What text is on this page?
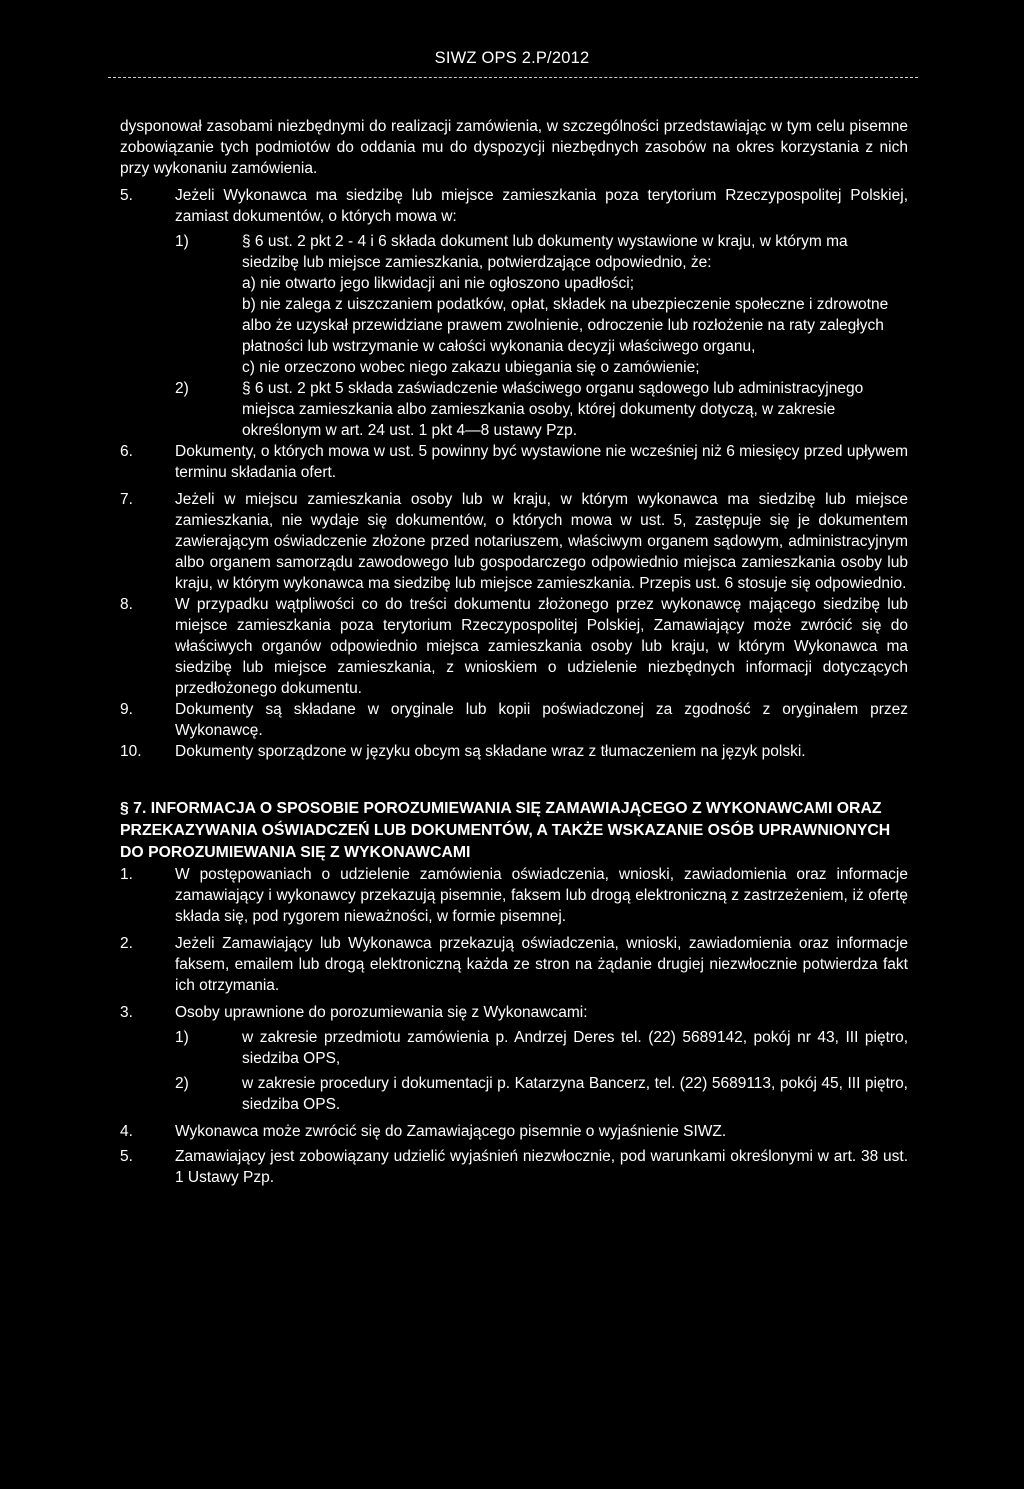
SIWZ OPS 2.P/2012

dysponował zasobami niezbędnymi do realizacji zamówienia, w szczególności przedstawiając w tym celu pisemne zobowiązanie tych podmiotów do oddania mu do dyspozycji niezbędnych zasobów na okres korzystania z nich przy wykonaniu zamówienia.

5.	Jeżeli Wykonawca ma siedzibę lub miejsce zamieszkania poza terytorium Rzeczypospolitej Polskiej, zamiast dokumentów, o których mowa w:
1)	§ 6 ust. 2 pkt 2 - 4 i 6 składa dokument lub dokumenty wystawione w kraju, w którym ma siedzibę lub miejsce zamieszkania, potwierdzające odpowiednio, że:

a) nie otwarto jego likwidacji ani nie ogłoszono upadłości;

b) nie zalega z uiszczaniem podatków, opłat, składek na ubezpieczenie społeczne i zdrowotne albo że uzyskał przewidziane prawem zwolnienie, odroczenie lub rozłożenie na raty zaległych płatności lub wstrzymanie w całości wykonania decyzji właściwego organu,

c) nie orzeczono wobec niego zakazu ubiegania się o zamówienie;

2)	§ 6 ust. 2 pkt 5 składa zaświadczenie właściwego organu sądowego lub administracyjnego miejsca zamieszkania albo zamieszkania osoby, której dokumenty dotyczą, w zakresie określonym w art. 24 ust. 1 pkt 4—8 ustawy Pzp.

6.	Dokumenty, o których mowa w ust. 5 powinny być wystawione nie wcześniej niż 6 miesięcy przed upływem terminu składania ofert.
7.	Jeżeli w miejscu zamieszkania osoby lub w kraju, w którym wykonawca ma siedzibę lub miejsce zamieszkania, nie wydaje się dokumentów, o których mowa w ust. 5, zastępuje się je dokumentem zawierającym oświadczenie złożone przed notariuszem, właściwym organem sądowym, administracyjnym albo organem samorządu zawodowego lub gospodarczego odpowiednio miejsca zamieszkania osoby lub kraju, w którym wykonawca ma siedzibę lub miejsce zamieszkania. Przepis ust. 6 stosuje się odpowiednio.
8.	W przypadku wątpliwości co do treści dokumentu złożonego przez wykonawcę mającego siedzibę lub miejsce zamieszkania poza terytorium Rzeczypospolitej Polskiej, Zamawiający może zwrócić się do właściwych organów odpowiednio miejsca zamieszkania osoby lub kraju, w którym Wykonawca ma siedzibę lub miejsce zamieszkania, z wnioskiem o udzielenie niezbędnych informacji dotyczących przedłożonego dokumentu.
9.	Dokumenty są składane w oryginale lub kopii poświadczonej za zgodność z oryginałem przez Wykonawcę.
10.	Dokumenty sporządzone w języku obcym są składane wraz z tłumaczeniem na język polski.

§ 7. INFORMACJA O SPOSOBIE POROZUMIEWANIA SIĘ ZAMAWIAJĄCEGO Z WYKONAWCAMI ORAZ PRZEKAZYWANIA OŚWIADCZEŃ LUB DOKUMENTÓW, A TAKŻE WSKAZANIE OSÓB UPRAWNIONYCH DO POROZUMIEWANIA SIĘ Z WYKONAWCAMI

1.	W postępowaniach o udzielenie zamówienia oświadczenia, wnioski, zawiadomienia oraz informacje zamawiający i wykonawcy przekazują pisemnie, faksem lub drogą elektroniczną z zastrzeżeniem, iż ofertę składa się, pod rygorem nieważności, w formie pisemnej.
2.	Jeżeli Zamawiający lub Wykonawca przekazują oświadczenia, wnioski, zawiadomienia oraz informacje faksem, emailem lub drogą elektroniczną każda ze stron na żądanie drugiej niezwłocznie potwierdza fakt ich otrzymania.
3.	Osoby uprawnione do porozumiewania się z Wykonawcami:
1)	w zakresie przedmiotu zamówienia p. Andrzej Deres tel. (22) 5689142, pokój nr 43, III piętro, siedziba OPS,
2)	w zakresie procedury i dokumentacji p. Katarzyna Bancerz, tel. (22) 5689113, pokój 45, III piętro, siedziba OPS.
4.	Wykonawca może zwrócić się do Zamawiającego pisemnie o wyjaśnienie SIWZ.
5.	Zamawiający jest zobowiązany udzielić wyjaśnień niezwłocznie, pod warunkami określonymi w art. 38 ust. 1 Ustawy Pzp.
